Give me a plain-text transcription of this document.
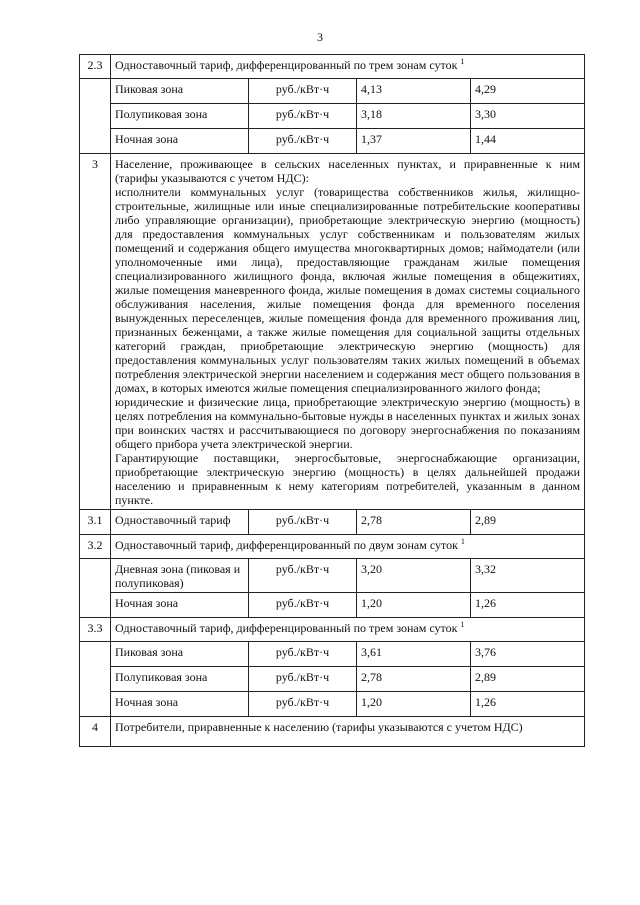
3
2.3	Одноставочный тариф, дифференцированный по трем зонам суток $^1$
	Пиковая зона	руб./кВт·ч	4,13	4,29
	Полупиковая зона	руб./кВт·ч	3,18	3,30
	Ночная зона	руб./кВт·ч	1,37	1,44
3	Население, проживающее в сельских населенных пунктах, и приравненные к ним (тарифы указываются с учетом НДС):

исполнители коммунальных услуг (товарищества собственников жилья, жилищно-строительные, жилищные или иные специализированные потребительские кооперативы либо управляющие организации), приобретающие электрическую энергию (мощность) для предоставления коммунальных услуг собственникам и пользователям жилых помещений и содержания общего имущества многоквартирных домов; наймодатели (или уполномоченные ими лица), предоставляющие гражданам жилые помещения специализированного жилищного фонда, включая жилые помещения в общежитиях, жилые помещения маневренного фонда, жилые помещения в домах системы социального обслуживания населения, жилые помещения фонда для временного поселения вынужденных переселенцев, жилые помещения фонда для временного проживания лиц, признанных беженцами, а также жилые помещения для социальной защиты отдельных категорий граждан, приобретающие электрическую энергию (мощность) для предоставления коммунальных услуг пользователям таких жилых помещений в объемах потребления электрической энергии населением и содержания мест общего пользования в домах, в которых имеются жилые помещения специализированного жилого фонда;

юридические и физические лица, приобретающие электрическую энергию (мощность) в целях потребления на коммунально-бытовые нужды в населенных пунктах и жилых зонах при воинских частях и рассчитывающиеся по договору энергоснабжения по показаниям общего прибора учета электрической энергии.

Гарантирующие поставщики, энергосбытовые, энергоснабжающие организации, приобретающие электрическую энергию (мощность) в целях дальнейшей продажи населению и приравненным к нему категориям потребителей, указанным в данном пункте.			

3.1	Одноставочный тариф	руб./кВт·ч	2,78	2,89
3.2	Одноставочный тариф, дифференцированный по двум зонам суток $^1$
	Дневная зона (пиковая и полупиковая)	руб./кВт·ч	3,20	3,32
	Ночная зона	руб./кВт·ч	1,20	1,26
3.3	Одноставочный тариф, дифференцированный по трем зонам суток $^1$
	Пиковая зона	руб./кВт·ч	3,61	3,76
	Полупиковая зона	руб./кВт·ч	2,78	2,89
	Ночная зона	руб./кВт·ч	1,20	1,26
4	Потребители, приравненные к населению (тарифы указываются с учетом НДС)			
